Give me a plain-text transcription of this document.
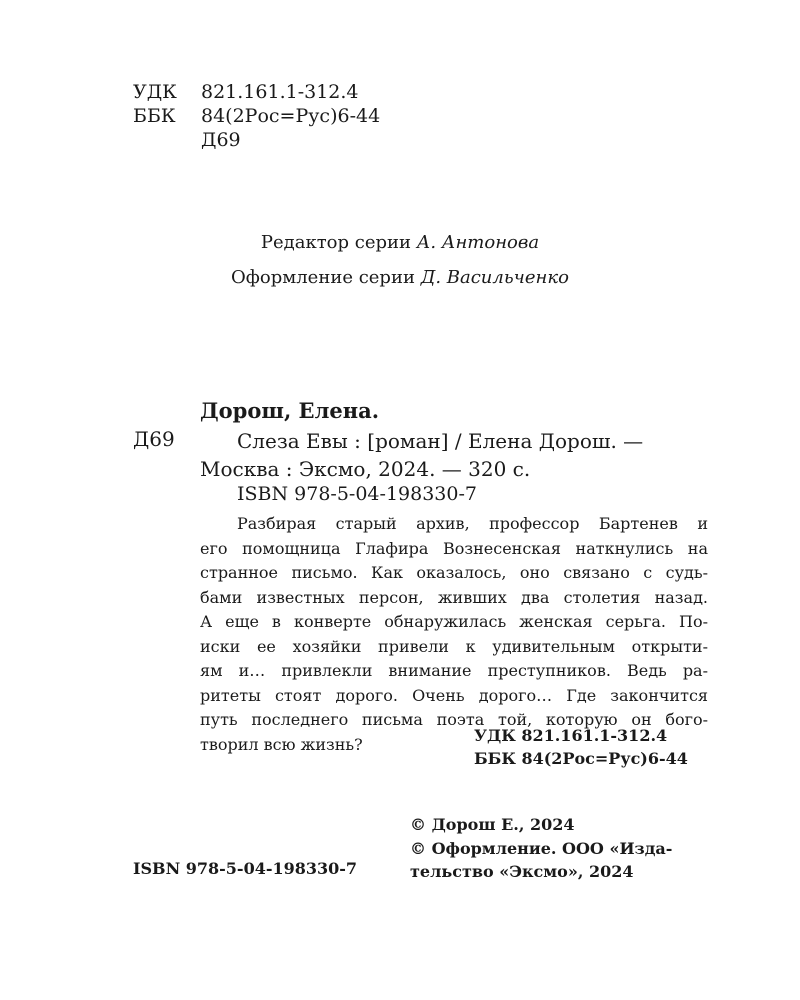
УДК	821.161.1-312.4
ББК	84(2Рос=Рус)6-44
Д69
Редактор серии А. Антонова
Оформление серии Д. Васильченко
Дорош, Елена.
Д69	Слеза Евы : [роман] / Елена Дорош. —
Москва : Эксмо, 2024. — 320 с.
ISBN 978-5-04-198330-7
Разбирая старый архив, профессор Бартенев и
его помощница Глафира Вознесенская наткнулись на
странное письмо. Как оказалось, оно связано с судь-
бами известных персон, живших два столетия назад.
А еще в конверте обнаружилась женская серьга. По-
иски ее хозяйки привели к удивительным открыти-
ям и… привлекли внимание преступников. Ведь ра-
ритеты стоят дорого. Очень дорого… Где закончится
путь последнего письма поэта той, которую он бого-
творил всю жизнь?	УДК 821.161.1-312.4
ББК 84(2Рос=Рус)6-44
© Дорош Е., 2024
© Оформление. ООО «Изда-
тельство «Эксмо», 2024
ISBN 978-5-04-198330-7
